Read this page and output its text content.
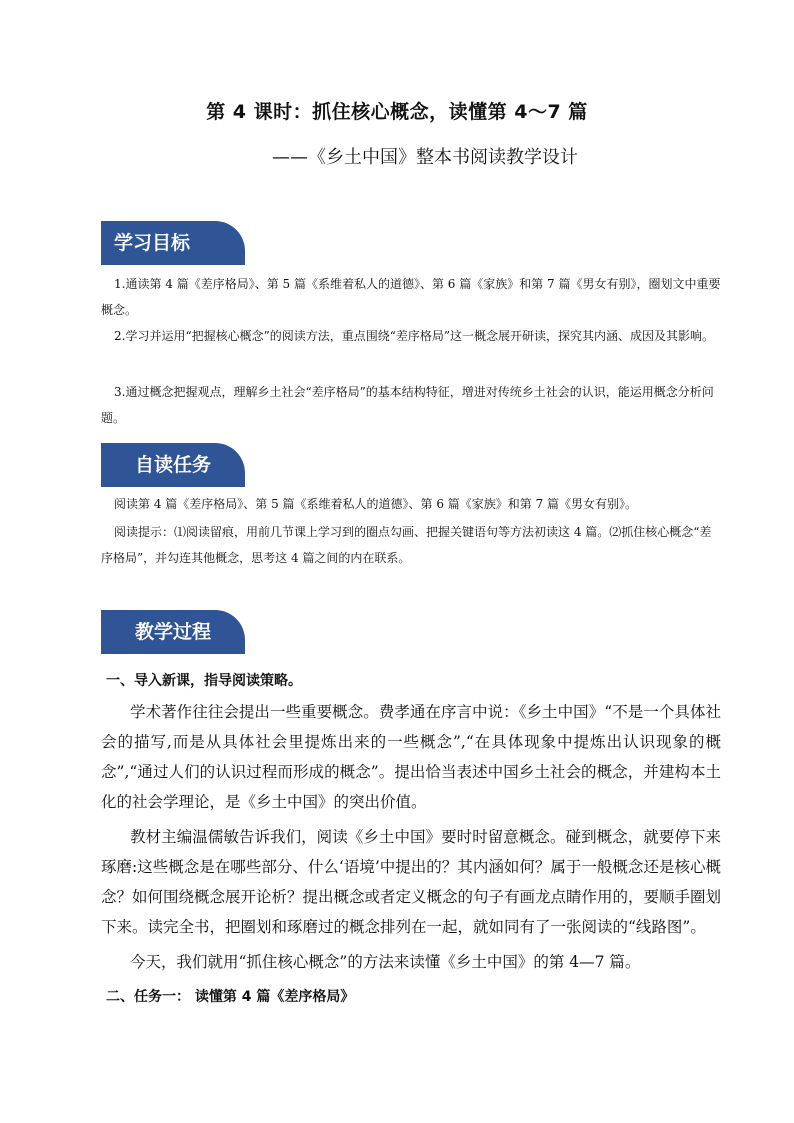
第 4 课时：抓住核心概念，读懂第 4～7 篇
——《乡土中国》整本书阅读教学设计
学习目标

1.通读第 4 篇《差序格局》、第 5 篇《系维着私人的道德》、第 6 篇《家族》和第 7 篇《男女有别》，圈划文中重要概念。

2.学习并运用“把握核心概念”的阅读方法，重点围绕“差序格局”这一概念展开研读，探究其内涵、成因及其影响。

3.通过概念把握观点，理解乡土社会“差序格局”的基本结构特征，增进对传统乡土社会的认识，能运用概念分析问题。

自读任务

阅读第 4 篇《差序格局》、第 5 篇《系维着私人的道德》、第 6 篇《家族》和第 7 篇《男女有别》。

阅读提示：⑴阅读留痕，用前几节课上学习到的圈点勾画、把握关键语句等方法初读这 4 篇。⑵抓住核心概念“差序格局”，并勾连其他概念，思考这 4 篇之间的内在联系。

教学过程

一、导入新课，指导阅读策略。

学术著作往往会提出一些重要概念。费孝通在序言中说：《乡土中国》“不是一个具体社会的描写,而是从具体社会里提炼出来的一些概念”,“在具体现象中提炼出认识现象的概念”,“通过人们的认识过程而形成的概念”。提出恰当表述中国乡土社会的概念，并建构本土化的社会学理论，是《乡土中国》的突出价值。

教材主编温儒敏告诉我们，阅读《乡土中国》要时时留意概念。碰到概念，就要停下来琢磨:这些概念是在哪些部分、什么‘语境’中提出的？其内涵如何？属于一般概念还是核心概念？如何围绕概念展开论析？提出概念或者定义概念的句子有画龙点睛作用的，要顺手圈划下来。读完全书，把圈划和琢磨过的概念排列在一起，就如同有了一张阅读的“线路图”。

今天，我们就用“抓住核心概念”的方法来读懂《乡土中国》的第 4—7 篇。

二、任务一： 读懂第 4 篇《差序格局》
